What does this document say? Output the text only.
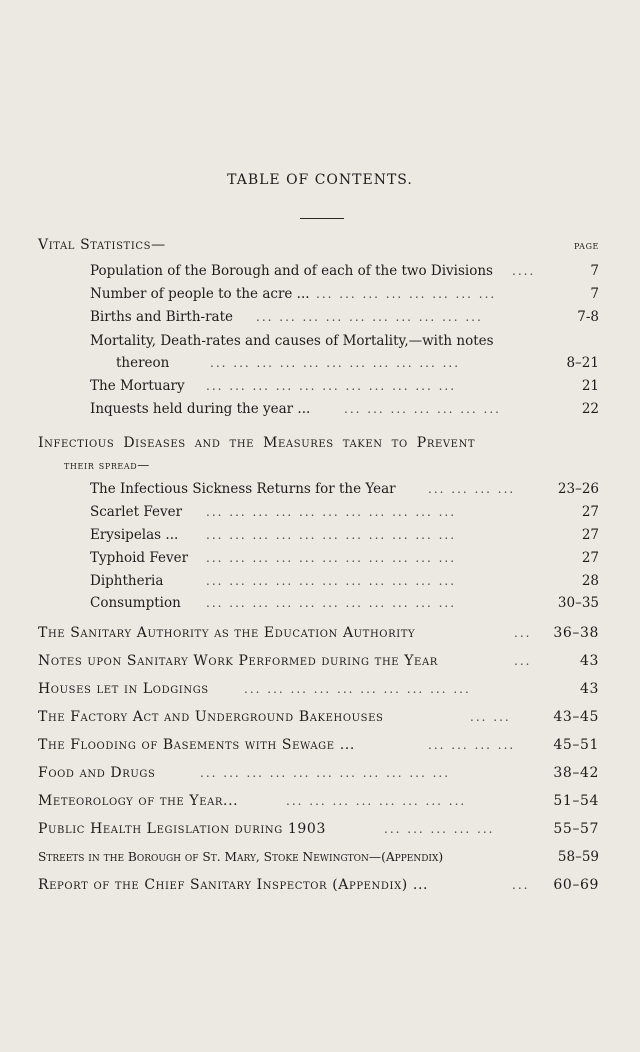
TABLE OF CONTENTS.
Vital Statistics—	page
Population of the Borough and of each of the two Divisions ....	7
Number of people to the acre ... ... ... ... ... ... ... ... ...	7
Births and Birth-rate ... ... ... ... ... ... ... ... ... ...	7-8
Mortality, Death-rates and causes of Mortality,—with notes
thereon	... ... ... ... ... ... ... ... ... ... ...	8–21
The Mortuary ... ... ... ... ... ... ... ... ... ... ...	21
Inquests held during the year ...	... ... ... ... ... ... ...	22
Infectious Diseases and the Measures taken to Prevent
their spread—
The Infectious Sickness Returns for the Year	... ... ... ...	23–26
Scarlet Fever ... ... ... ... ... ... ... ... ... ... ...	27
Erysipelas ... ... ... ... ... ... ... ... ... ... ... ...	27
Typhoid Fever ... ... ... ... ... ... ... ... ... ... ...	27
Diphtheria	... ... ... ... ... ... ... ... ... ... ...	28
Consumption ... ... ... ... ... ... ... ... ... ... ...	30–35
The Sanitary Authority as the Education Authority	...	36–38
Notes upon Sanitary Work Performed during the Year	...	43
Houses let in Lodgings	... ... ... ... ... ... ... ... ... ...	43
The Factory Act and Underground Bakehouses	... ...	43–45
The Flooding of Basements with Sewage ...	... ... ... ...	45–51
Food and Drugs	... ... ... ... ... ... ... ... ... ... ...	38–42
Meteorology of the Year...	... ... ... ... ... ... ... ...	51–54
Public Health Legislation during 1903	... ... ... ... ...	55–57
Streets in the Borough of St. Mary, Stoke Newington—(Appendix)	58–59
Report of the Chief Sanitary Inspector (Appendix) ...	...	60–69
